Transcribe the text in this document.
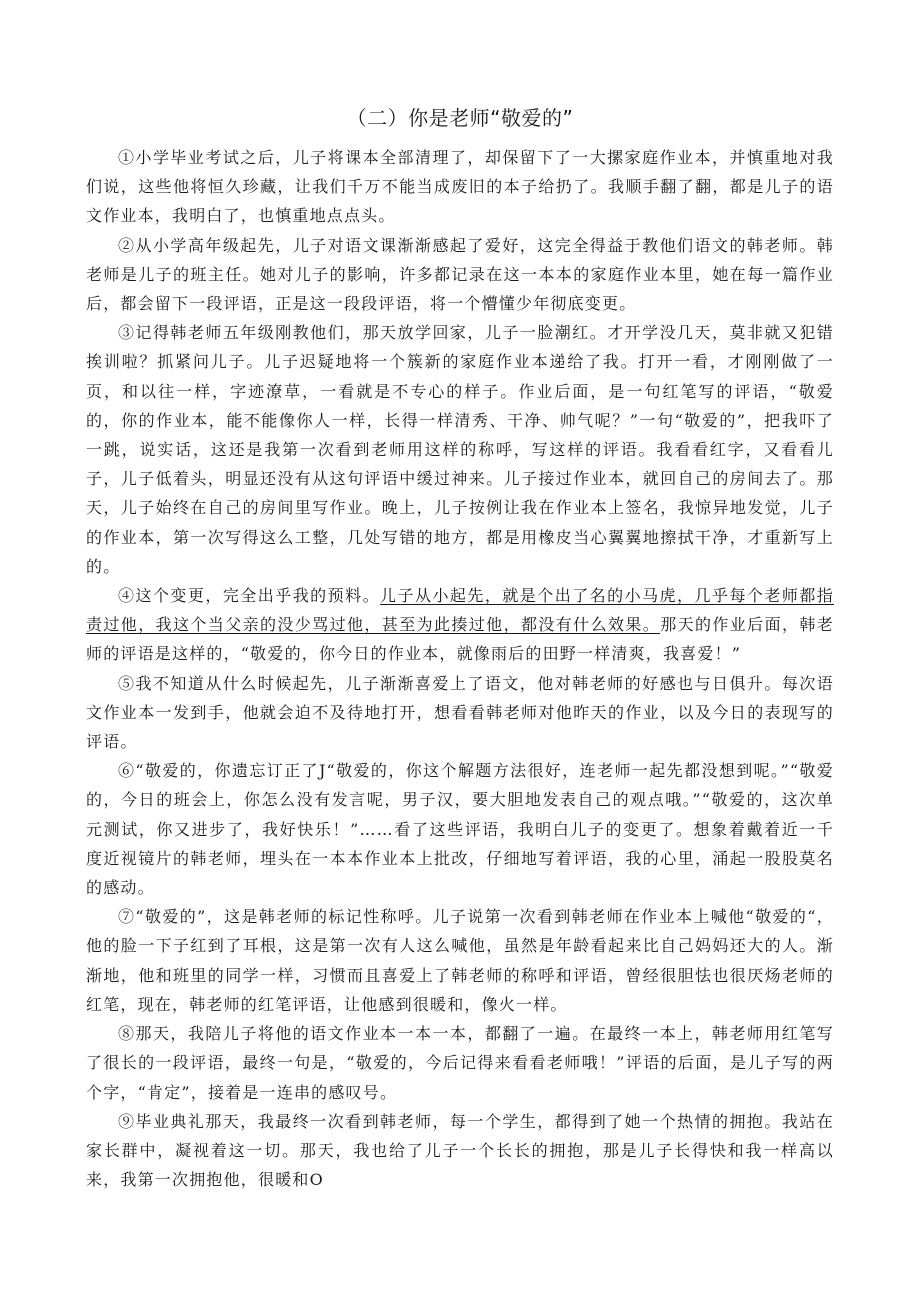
（二）你是老师“敬爱的”

①小学毕业考试之后，儿子将课本全部清理了，却保留下了一大摞家庭作业本，并慎重地对我们说，这些他将恒久珍藏，让我们千万不能当成废旧的本子给扔了。我顺手翻了翻，都是儿子的语文作业本，我明白了，也慎重地点点头。

②从小学高年级起先，儿子对语文课渐渐感起了爱好，这完全得益于教他们语文的韩老师。韩老师是儿子的班主任。她对儿子的影响，许多都记录在这一本本的家庭作业本里，她在每一篇作业后，都会留下一段评语，正是这一段段评语，将一个懵懂少年彻底变更。

③记得韩老师五年级刚教他们，那天放学回家，儿子一脸潮红。才开学没几天，莫非就又犯错挨训啦？抓紧问儿子。儿子迟疑地将一个簇新的家庭作业本递给了我。打开一看，才刚刚做了一页，和以往一样，字迹潦草，一看就是不专心的样子。作业后面，是一句红笔写的评语，“敬爱的，你的作业本，能不能像你人一样，长得一样清秀、干净、帅气呢？”一句“敬爱的”，把我吓了一跳，说实话，这还是我第一次看到老师用这样的称呼，写这样的评语。我看看红字，又看看儿子，儿子低着头，明显还没有从这句评语中缓过神来。儿子接过作业本，就回自己的房间去了。那天，儿子始终在自己的房间里写作业。晚上，儿子按例让我在作业本上签名，我惊异地发觉，儿子的作业本，第一次写得这么工整，几处写错的地方，都是用橡皮当心翼翼地擦拭干净，才重新写上的。

④这个变更，完全出乎我的预料。儿子从小起先，就是个出了名的小马虎，几乎每个老师都指责过他，我这个当父亲的没少骂过他，甚至为此揍过他，都没有什么效果。那天的作业后面，韩老师的评语是这样的，“敬爱的，你今日的作业本，就像雨后的田野一样清爽，我喜爱！”

⑤我不知道从什么时候起先，儿子渐渐喜爱上了语文，他对韩老师的好感也与日俱升。每次语文作业本一发到手，他就会迫不及待地打开，想看看韩老师对他昨天的作业，以及今日的表现写的评语。

⑥“敬爱的，你遗忘订正了J“敬爱的，你这个解题方法很好，连老师一起先都没想到呢。”“敬爱的，今日的班会上，你怎么没有发言呢，男子汉，要大胆地发表自己的观点哦。”“敬爱的，这次单元测试，你又进步了，我好快乐！”……看了这些评语，我明白儿子的变更了。想象着戴着近一千度近视镜片的韩老师，埋头在一本本作业本上批改，仔细地写着评语，我的心里，涌起一股股莫名的感动。

⑦“敬爱的”，这是韩老师的标记性称呼。儿子说第一次看到韩老师在作业本上喊他“敬爱的“，他的脸一下子红到了耳根，这是第一次有人这么喊他，虽然是年龄看起来比自己妈妈还大的人。渐渐地，他和班里的同学一样，习惯而且喜爱上了韩老师的称呼和评语，曾经很胆怯也很厌炀老师的红笔，现在，韩老师的红笔评语，让他感到很暖和，像火一样。

⑧那天，我陪儿子将他的语文作业本一本一本，都翻了一遍。在最终一本上，韩老师用红笔写了很长的一段评语，最终一句是，“敬爱的，今后记得来看看老师哦！”评语的后面，是儿子写的两个字，“肯定”，接着是一连串的感叹号。

⑨毕业典礼那天，我最终一次看到韩老师，每一个学生，都得到了她一个热情的拥抱。我站在家长群中，凝视着这一切。那天，我也给了儿子一个长长的拥抱，那是儿子长得快和我一样高以来，我第一次拥抱他，很暖和O
